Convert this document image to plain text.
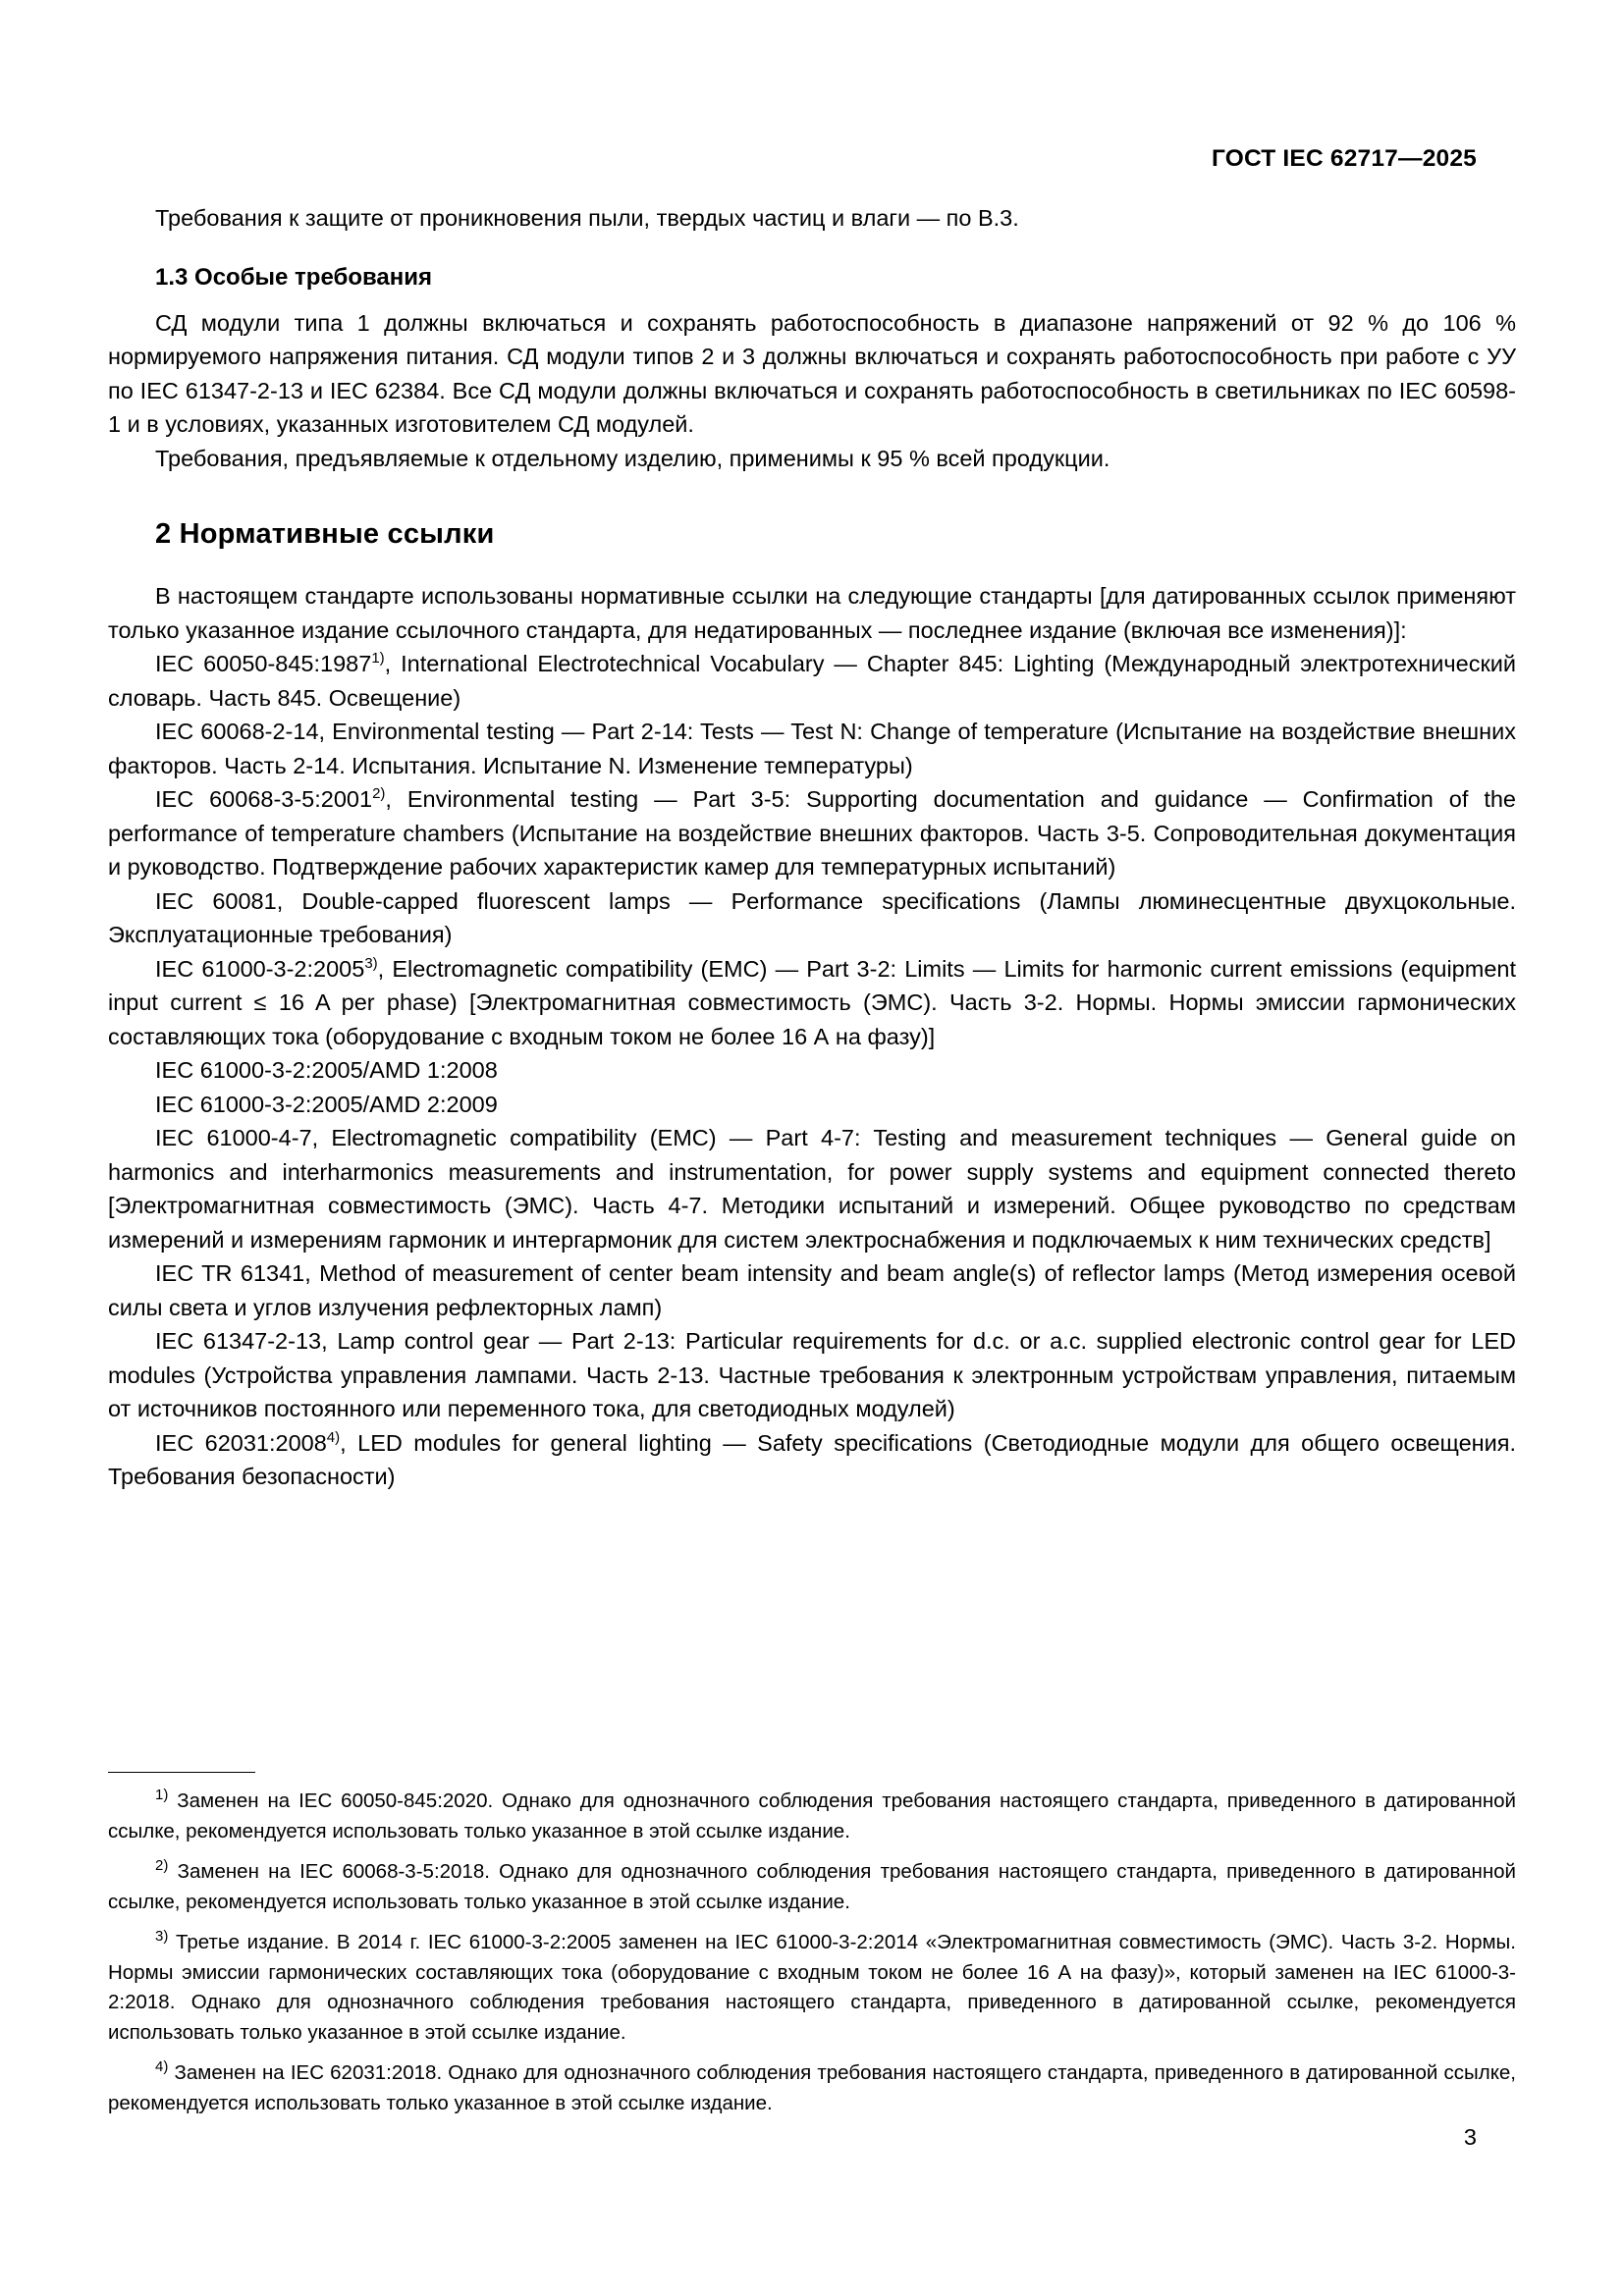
ГОСТ IEC 62717—2025

Требования к защите от проникновения пыли, твердых частиц и влаги — по B.3.

1.3 Особые требования

СД модули типа 1 должны включаться и сохранять работоспособность в диапазоне напряжений от 92 % до 106 % нормируемого напряжения питания. СД модули типов 2 и 3 должны включаться и сохранять работоспособность при работе с УУ по IEC 61347-2-13 и IEC 62384. Все СД модули должны включаться и сохранять работоспособность в светильниках по IEC 60598-1 и в условиях, указанных изготовителем СД модулей.

Требования, предъявляемые к отдельному изделию, применимы к 95 % всей продукции.

2 Нормативные ссылки

В настоящем стандарте использованы нормативные ссылки на следующие стандарты [для датированных ссылок применяют только указанное издание ссылочного стандарта, для недатированных — последнее издание (включая все изменения)]:

IEC 60050-845:1987$^{1)}$, International Electrotechnical Vocabulary — Chapter 845: Lighting (Международный электротехнический словарь. Часть 845. Освещение)

IEC 60068-2-14, Environmental testing — Part 2-14: Tests — Test N: Change of temperature (Испытание на воздействие внешних факторов. Часть 2-14. Испытания. Испытание N. Изменение температуры)

IEC 60068-3-5:2001$^{2)}$, Environmental testing — Part 3-5: Supporting documentation and guidance — Confirmation of the performance of temperature chambers (Испытание на воздействие внешних факторов. Часть 3-5. Сопроводительная документация и руководство. Подтверждение рабочих характеристик камер для температурных испытаний)

IEC 60081, Double-capped fluorescent lamps — Performance specifications (Лампы люминесцентные двухцокольные. Эксплуатационные требования)

IEC 61000-3-2:2005$^{3)}$, Electromagnetic compatibility (EMC) — Part 3-2: Limits — Limits for harmonic current emissions (equipment input current ≤ 16 A per phase) [Электромагнитная совместимость (ЭМС). Часть 3-2. Нормы. Нормы эмиссии гармонических составляющих тока (оборудование с входным током не более 16 А на фазу)]

IEC 61000-3-2:2005/AMD 1:2008

IEC 61000-3-2:2005/AMD 2:2009

IEC 61000-4-7, Electromagnetic compatibility (EMC) — Part 4-7: Testing and measurement techniques — General guide on harmonics and interharmonics measurements and instrumentation, for power supply systems and equipment connected thereto [Электромагнитная совместимость (ЭМС). Часть 4-7. Методики испытаний и измерений. Общее руководство по средствам измерений и измерениям гармоник и интергармоник для систем электроснабжения и подключаемых к ним технических средств]

IEC TR 61341, Method of measurement of center beam intensity and beam angle(s) of reflector lamps (Метод измерения осевой силы света и углов излучения рефлекторных ламп)

IEC 61347-2-13, Lamp control gear — Part 2-13: Particular requirements for d.c. or a.c. supplied electronic control gear for LED modules (Устройства управления лампами. Часть 2-13. Частные требования к электронным устройствам управления, питаемым от источников постоянного или переменного тока, для светодиодных модулей)

IEC 62031:2008$^{4)}$, LED modules for general lighting — Safety specifications (Светодиодные модули для общего освещения. Требования безопасности)

$^{1)}$ Заменен на IEC 60050-845:2020. Однако для однозначного соблюдения требования настоящего стандарта, приведенного в датированной ссылке, рекомендуется использовать только указанное в этой ссылке издание.

$^{2)}$ Заменен на IEC 60068-3-5:2018. Однако для однозначного соблюдения требования настоящего стандарта, приведенного в датированной ссылке, рекомендуется использовать только указанное в этой ссылке издание.

$^{3)}$ Третье издание. В 2014 г. IEC 61000-3-2:2005 заменен на IEC 61000-3-2:2014 «Электромагнитная совместимость (ЭМС). Часть 3-2. Нормы. Нормы эмиссии гармонических составляющих тока (оборудование с входным током не более 16 А на фазу)», который заменен на IEC 61000-3-2:2018. Однако для однозначного соблюдения требования настоящего стандарта, приведенного в датированной ссылке, рекомендуется использовать только указанное в этой ссылке издание.

$^{4)}$ Заменен на IEC 62031:2018. Однако для однозначного соблюдения требования настоящего стандарта, приведенного в датированной ссылке, рекомендуется использовать только указанное в этой ссылке издание.

3
